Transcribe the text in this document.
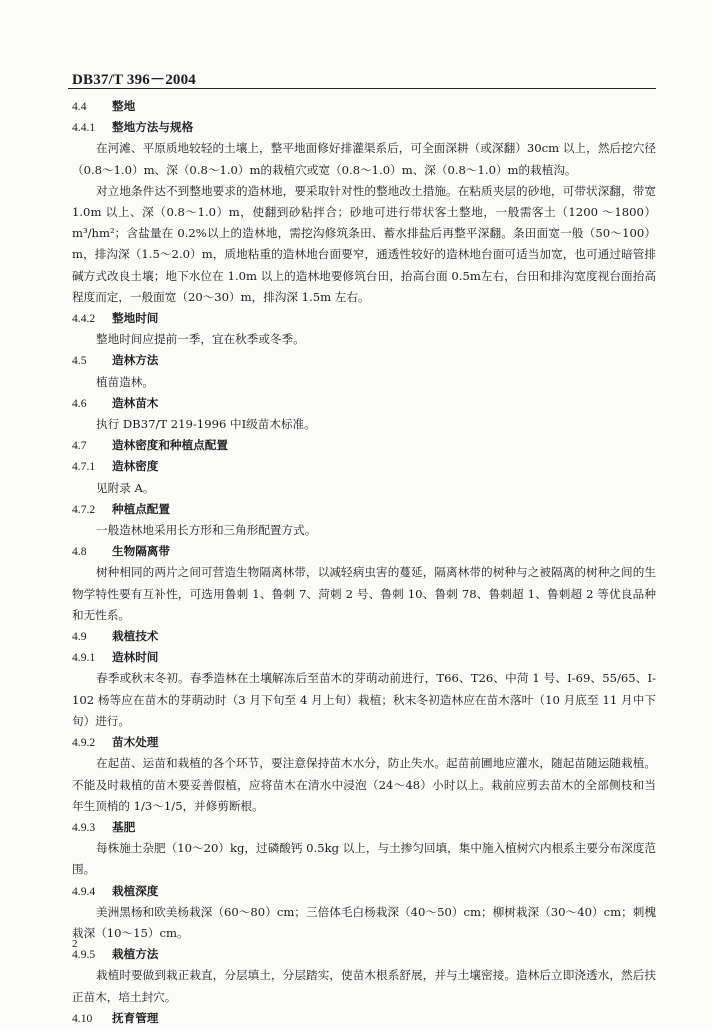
DB37/T 396－2004
4.4 整地
4.4.1 整地方法与规格
在河滩、平原质地较轻的土壤上，整平地面修好排灌渠系后，可全面深耕（或深翻）30cm 以上，然后挖穴径（0.8～1.0）m、深（0.8～1.0）m的栽植穴或宽（0.8～1.0）m、深（0.8～1.0）m的栽植沟。
对立地条件达不到整地要求的造林地，要采取针对性的整地改土措施。在粘质夹层的砂地，可带状深翻，带宽 1.0m 以上、深（0.8～1.0）m，使翻到砂粘拌合；砂地可进行带状客土整地，一般需客土（1200 ～1800）m³/hm²；含盐量在 0.2%以上的造林地，需挖沟修筑条田、蓄水排盐后再整平深翻。条田面宽一般（50～100）m，排沟深（1.5～2.0）m，质地粘重的造林地台面要窄，通透性较好的造林地台面可适当加宽，也可通过暗管排碱方式改良土壤；地下水位在 1.0m 以上的造林地要修筑台田，抬高台面 0.5m左右，台田和排沟宽度视台面抬高程度而定，一般面宽（20～30）m，排沟深 1.5m 左右。
4.4.2 整地时间
整地时间应提前一季，宜在秋季或冬季。
4.5 造林方法
植苗造林。
4.6 造林苗木
执行 DB37/T 219-1996 中Ⅰ级苗木标准。
4.7 造林密度和种植点配置
4.7.1 造林密度
见附录 A。
4.7.2 种植点配置
一般造林地采用长方形和三角形配置方式。
4.8 生物隔离带
树种相同的两片之间可营造生物隔离林带，以减轻病虫害的蔓延，隔离林带的树种与之被隔离的树种之间的生物学特性要有互补性，可选用鲁刺 1、鲁刺 7、菏刺 2 号、鲁刺 10、鲁刺 78、鲁刺超 1、鲁刺超 2 等优良品种和无性系。
4.9 栽植技术
4.9.1 造林时间
春季或秋末冬初。春季造林在土壤解冻后至苗木的芽萌动前进行，T66、T26、中菏 1 号、I-69、55/65、I-102 杨等应在苗木的芽萌动时（3 月下旬至 4 月上旬）栽植；秋末冬初造林应在苗木落叶（10 月底至 11 月中下旬）进行。
4.9.2 苗木处理
在起苗、运苗和栽植的各个环节，要注意保持苗木水分，防止失水。起苗前圃地应灌水，随起苗随运随栽植。不能及时栽植的苗木要妥善假植，应将苗木在清水中浸泡（24～48）小时以上。栽前应剪去苗木的全部侧枝和当年生顶梢的 1/3～1/5，并修剪断根。
4.9.3 基肥
每株施土杂肥（10～20）kg，过磷酸钙 0.5kg 以上，与土掺匀回填，集中施入植树穴内根系主要分布深度范围。
4.9.4 栽植深度
美洲黑杨和欧美杨栽深（60～80）cm；三倍体毛白杨栽深（40～50）cm；柳树栽深（30～40）cm；刺槐栽深（10～15）cm。
4.9.5 栽植方法
栽植时要做到栽正栽直，分层填土，分层踏实，使苗木根系舒展，并与土壤密接。造林后立即浇透水，然后扶正苗木，培土封穴。
4.10 抚育管理
2
